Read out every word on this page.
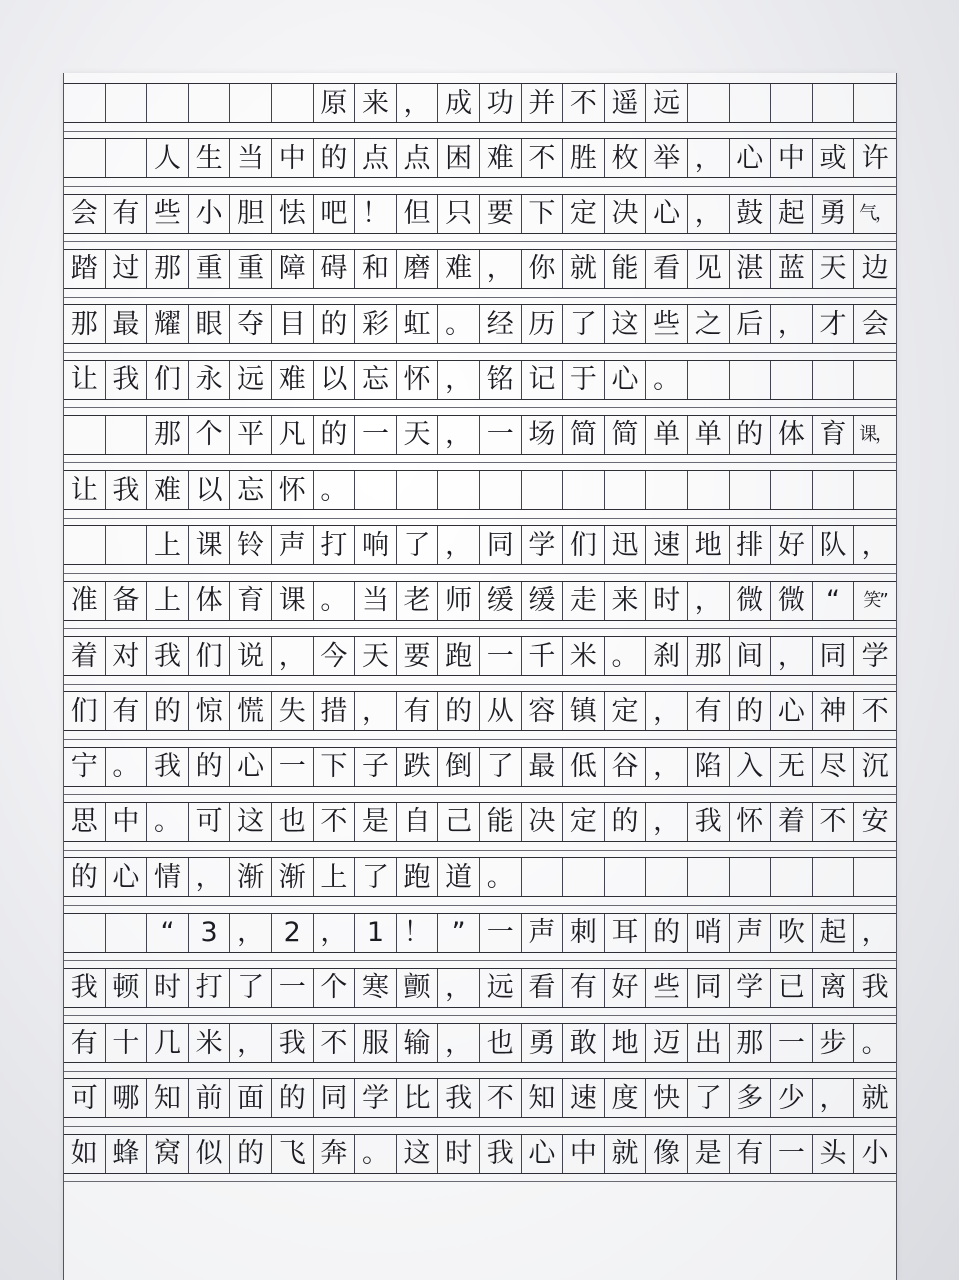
原 来 ， 成 功 并 不 遥 远
人 生 当 中 的 点 点 困 难 不 胜 枚 举 ， 心 中 或 许
会 有 些 小 胆 怯 吧 ！ 但 只 要 下 定 决 心 ， 鼓 起 勇 气，
踏 过 那 重 重 障 碍 和 磨 难 ， 你 就 能 看 见 湛 蓝 天 边
那 最 耀 眼 夺 目 的 彩 虹 。 经 历 了 这 些 之 后 ， 才 会
让 我 们 永 远 难 以 忘 怀 ， 铭 记 于 心 。
那 个 平 凡 的 一 天 ， 一 场 简 简 单 单 的 体 育 课，
让 我 难 以 忘 怀 。
上 课 铃 声 打 响 了 ， 同 学 们 迅 速 地 排 好 队 ，
准 备 上 体 育 课 。 当 老 师 缓 缓 走 来 时 ， 微 微 “	笑”
着 对 我 们 说 ， 今 天 要 跑 一 千 米 。 刹 那 间 ， 同 学
们 有 的 惊 慌 失 措 ， 有 的 从 容 镇 定 ， 有 的 心 神 不
宁 。 我 的 心 一 下 子 跌 倒 了 最 低 谷 ， 陷 入 无 尽 沉
思 中 。 可 这 也 不 是 自 己 能 决 定 的 ， 我 怀 着 不 安
的 心 情 ， 渐 渐 上 了 跑 道 。
“ 3 ， 2 ， 1 ！ ” 一 声 刺 耳 的 哨 声 吹 起 ，
我 顿 时 打 了 一 个 寒 颤 ， 远 看 有 好 些 同 学 已 离 我
有 十 几 米 ， 我 不 服 输 ， 也 勇 敢 地 迈 出 那 一 步 。
可 哪 知 前 面 的 同 学 比 我 不 知 速 度 快 了 多 少 ， 就
如 蜂 窝 似 的 飞 奔 。 这 时 我 心 中 就 像 是 有 一 头 小
